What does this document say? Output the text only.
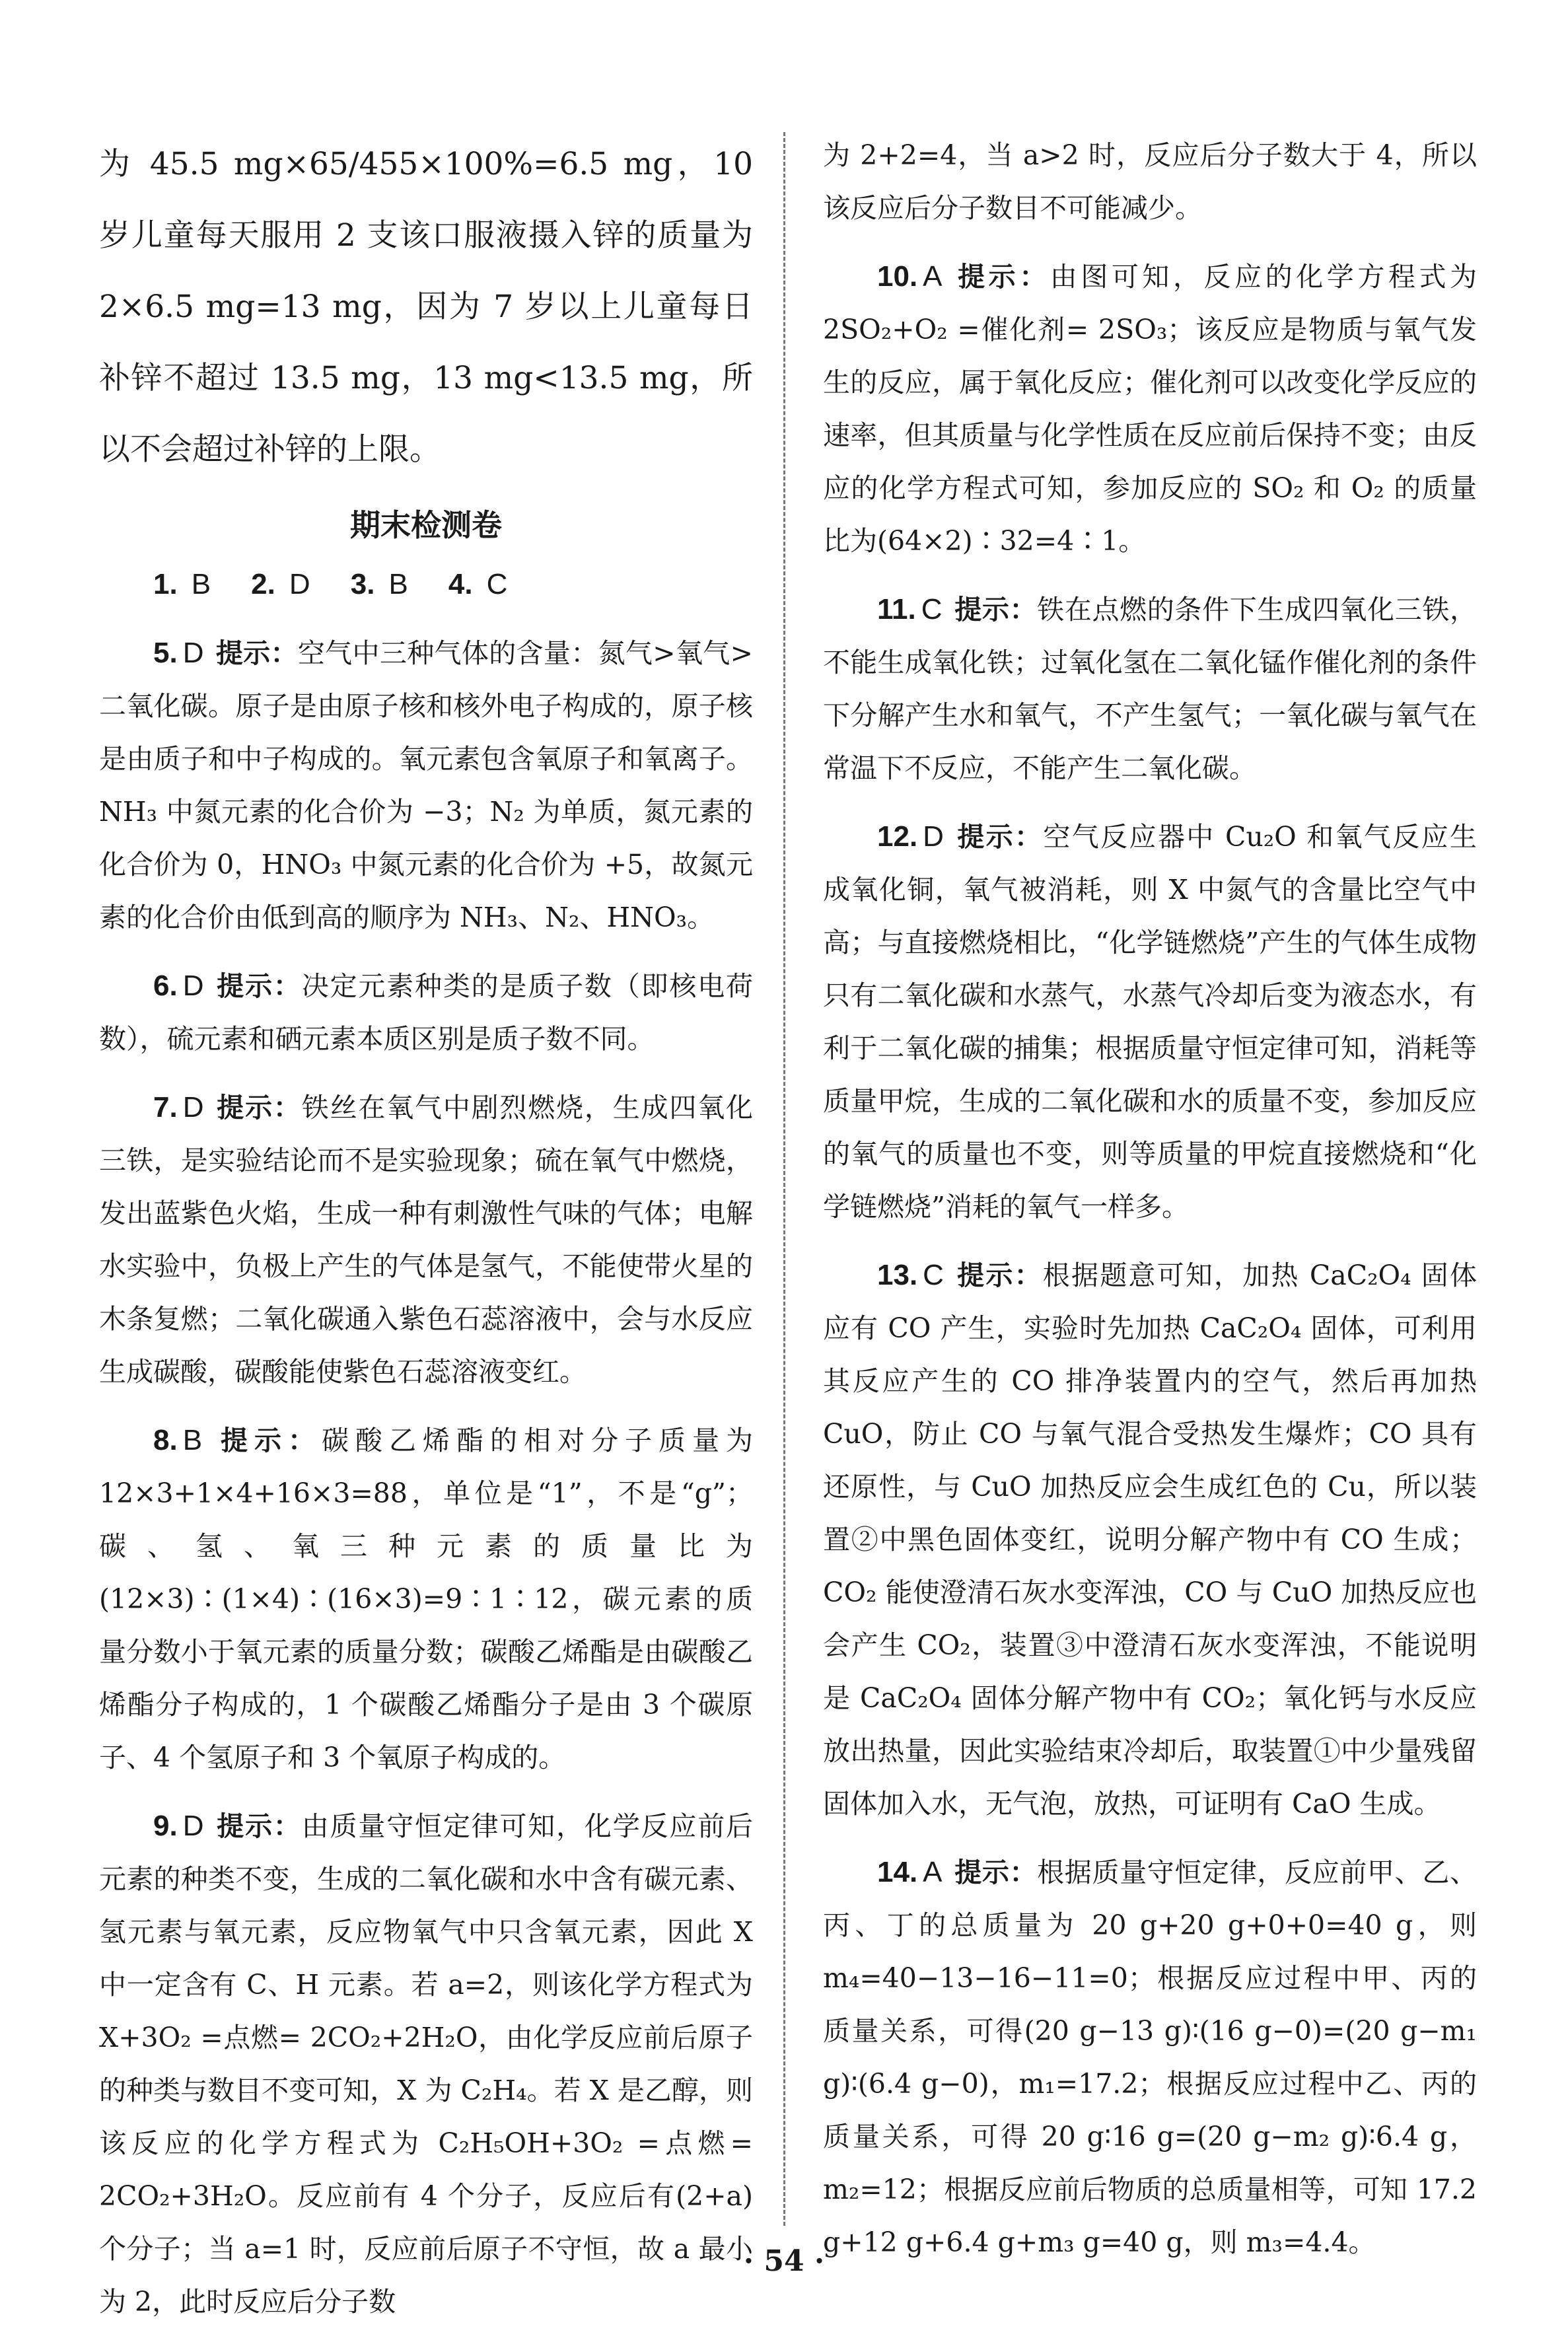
为 45.5 mg×65/455×100%=6.5 mg，10 岁儿童每天服用 2 支该口服液摄入锌的质量为 2×6.5 mg=13 mg，因为 7 岁以上儿童每日补锌不超过 13.5 mg，13 mg<13.5 mg，所以不会超过补锌的上限。

期末检测卷
1. B 2. D 3. B 4. C

5. D 提示：空气中三种气体的含量：氮气>氧气>二氧化碳。原子是由原子核和核外电子构成的，原子核是由质子和中子构成的。氧元素包含氧原子和氧离子。NH₃ 中氮元素的化合价为 −3；N₂ 为单质，氮元素的化合价为 0，HNO₃ 中氮元素的化合价为 +5，故氮元素的化合价由低到高的顺序为 NH₃、N₂、HNO₃。

6. D 提示：决定元素种类的是质子数（即核电荷数），硫元素和硒元素本质区别是质子数不同。

7. D 提示：铁丝在氧气中剧烈燃烧，生成四氧化三铁，是实验结论而不是实验现象；硫在氧气中燃烧，发出蓝紫色火焰，生成一种有刺激性气味的气体；电解水实验中，负极上产生的气体是氢气，不能使带火星的木条复燃；二氧化碳通入紫色石蕊溶液中，会与水反应生成碳酸，碳酸能使紫色石蕊溶液变红。

8. B 提示：碳酸乙烯酯的相对分子质量为 12×3+1×4+16×3=88，单位是“1”，不是“g”；碳、氢、氧三种元素的质量比为(12×3)∶(1×4)∶(16×3)=9∶1∶12，碳元素的质量分数小于氧元素的质量分数；碳酸乙烯酯是由碳酸乙烯酯分子构成的，1 个碳酸乙烯酯分子是由 3 个碳原子、4 个氢原子和 3 个氧原子构成的。

9. D 提示：由质量守恒定律可知，化学反应前后元素的种类不变，生成的二氧化碳和水中含有碳元素、氢元素与氧元素，反应物氧气中只含氧元素，因此 X 中一定含有 C、H 元素。若 a=2，则该化学方程式为 X+3O₂ =点燃= 2CO₂+2H₂O，由化学反应前后原子的种类与数目不变可知，X 为 C₂H₄。若 X 是乙醇，则该反应的化学方程式为 C₂H₅OH+3O₂ =点燃= 2CO₂+3H₂O。反应前有 4 个分子，反应后有(2+a)个分子；当 a=1 时，反应前后原子不守恒，故 a 最小为 2，此时反应后分子数

为 2+2=4，当 a>2 时，反应后分子数大于 4，所以该反应后分子数目不可能减少。

10. A 提示：由图可知，反应的化学方程式为 2SO₂+O₂ =催化剂= 2SO₃；该反应是物质与氧气发生的反应，属于氧化反应；催化剂可以改变化学反应的速率，但其质量与化学性质在反应前后保持不变；由反应的化学方程式可知，参加反应的 SO₂ 和 O₂ 的质量比为(64×2)∶32=4∶1。

11. C 提示：铁在点燃的条件下生成四氧化三铁，不能生成氧化铁；过氧化氢在二氧化锰作催化剂的条件下分解产生水和氧气，不产生氢气；一氧化碳与氧气在常温下不反应，不能产生二氧化碳。

12. D 提示：空气反应器中 Cu₂O 和氧气反应生成氧化铜，氧气被消耗，则 X 中氮气的含量比空气中高；与直接燃烧相比，“化学链燃烧”产生的气体生成物只有二氧化碳和水蒸气，水蒸气冷却后变为液态水，有利于二氧化碳的捕集；根据质量守恒定律可知，消耗等质量甲烷，生成的二氧化碳和水的质量不变，参加反应的氧气的质量也不变，则等质量的甲烷直接燃烧和“化学链燃烧”消耗的氧气一样多。

13. C 提示：根据题意可知，加热 CaC₂O₄ 固体应有 CO 产生，实验时先加热 CaC₂O₄ 固体，可利用其反应产生的 CO 排净装置内的空气，然后再加热 CuO，防止 CO 与氧气混合受热发生爆炸；CO 具有还原性，与 CuO 加热反应会生成红色的 Cu，所以装置②中黑色固体变红，说明分解产物中有 CO 生成；CO₂ 能使澄清石灰水变浑浊，CO 与 CuO 加热反应也会产生 CO₂，装置③中澄清石灰水变浑浊，不能说明是 CaC₂O₄ 固体分解产物中有 CO₂；氧化钙与水反应放出热量，因此实验结束冷却后，取装置①中少量残留固体加入水，无气泡，放热，可证明有 CaO 生成。

14. A 提示：根据质量守恒定律，反应前甲、乙、丙、丁的总质量为 20 g+20 g+0+0=40 g，则 m₄=40−13−16−11=0；根据反应过程中甲、丙的质量关系，可得(20 g−13 g)∶(16 g−0)=(20 g−m₁ g)∶(6.4 g−0)，m₁=17.2；根据反应过程中乙、丙的质量关系，可得 20 g∶16 g=(20 g−m₂ g)∶6.4 g，m₂=12；根据反应前后物质的总质量相等，可知 17.2 g+12 g+6.4 g+m₃ g=40 g，则 m₃=4.4。

· 54 ·
